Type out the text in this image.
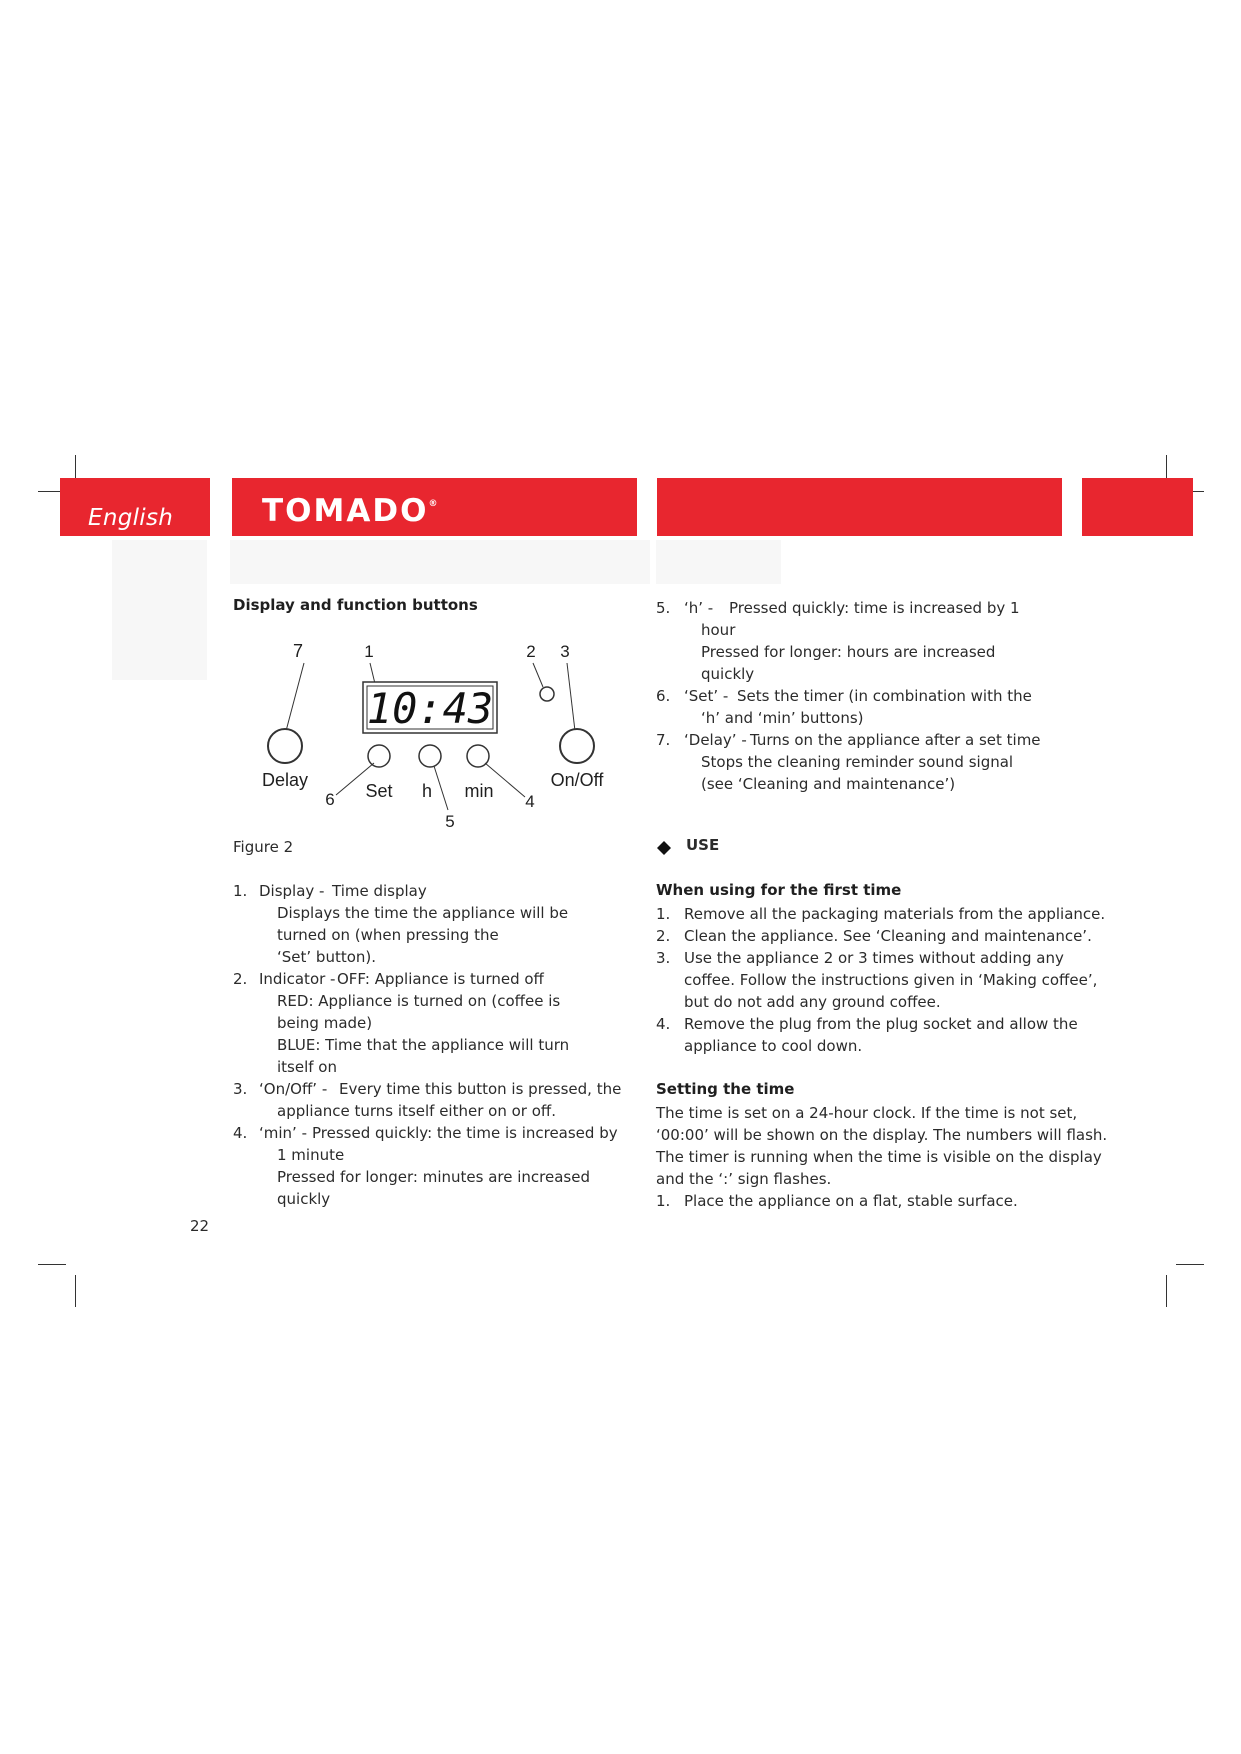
English	TOMADO®
Display and function buttons
7	1	2 3
10:43
Delay	On/Off
Set h min
6
5
4
Figure 2
1. Display - Time display
Displays the time the appliance will be
turned on (when pressing the
‘Set’ button).
2. Indicator - OFF: Appliance is turned off
RED: Appliance is turned on (coffee is
being made)
BLUE: Time that the appliance will turn
itself on
3. ‘On/Off’ - Every time this button is pressed, the
appliance turns itself either on or off.
4. ‘min’ - Pressed quickly: the time is increased by
1 minute
Pressed for longer: minutes are increased
quickly
22
5. ‘h’ - Pressed quickly: time is increased by 1
hour
Pressed for longer: hours are increased
quickly
6. ‘Set’ - Sets the timer (in combination with the
‘h’ and ‘min’ buttons)
7. ‘Delay’ - Turns on the appliance after a set time
Stops the cleaning reminder sound signal
(see ‘Cleaning and maintenance’)
USE
When using for the first time
1. Remove all the packaging materials from the appliance.
2. Clean the appliance. See ‘Cleaning and maintenance’.
3. Use the appliance 2 or 3 times without adding any
coffee. Follow the instructions given in ‘Making coffee’,
but do not add any ground coffee.
4. Remove the plug from the plug socket and allow the
appliance to cool down.
Setting the time
The time is set on a 24-hour clock. If the time is not set,
‘00:00’ will be shown on the display. The numbers will flash.
The timer is running when the time is visible on the display
and the ‘:’ sign flashes.
1. Place the appliance on a flat, stable surface.
